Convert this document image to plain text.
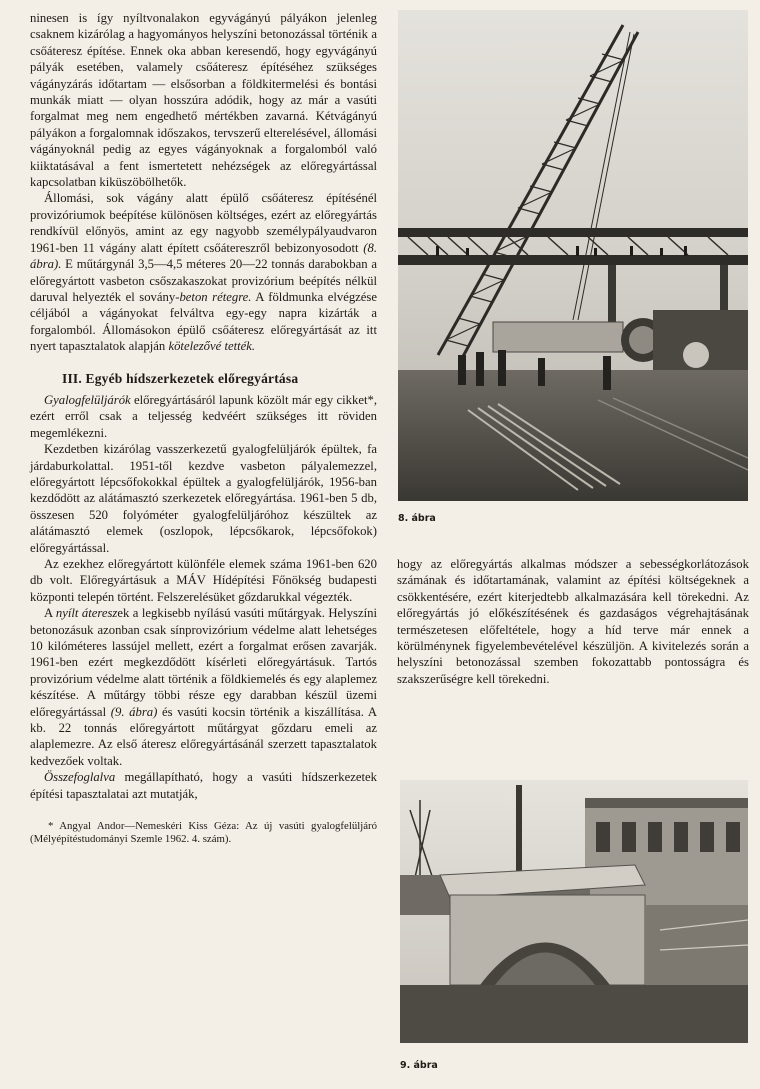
ninesen is így nyíltvonalakon egyvágányú pályákon jelenleg csaknem kizárólag a hagyományos helyszíni betonozással történik a csőáteresz építése. Ennek oka abban keresendő, hogy egyvágányú pályák esetében, valamely csőáteresz építéséhez szükséges vágányzárás időtartam — elsősorban a földkitermelési és bontási munkák miatt — olyan hosszúra adódik, hogy az már a vasúti forgalmat meg nem engedhető mértékben zavarná. Kétvágányú pályákon a forgalomnak időszakos, tervszerű elterelésével, állomási vágányoknál pedig az egyes vágányoknak a forgalomból való kiiktatásával a fent ismertetett nehézségek az előregyártással kapcsolatban kiküszöbölhetők.

Állomási, sok vágány alatt épülő csőáteresz építésénél provizóriumok beépítése különösen költséges, ezért az előregyártás rendkívül előnyös, amint az egy nagyobb személypályaudvaron 1961-ben 11 vágány alatt épített csőátereszről bebizonyosodott (8. ábra). E műtárgynál 3,5—4,5 méteres 20—22 tonnás darabokban a előregyártott vasbeton csőszakaszokat provizórium beépítés nélkül daruval helyezték el sovány-beton rétegre. A földmunka elvégzése céljából a vágányokat felváltva egy-egy napra kizárták a forgalomból. Állomásokon épülő csőáteresz előregyártását az itt nyert tapasztalatok alapján kötelezővé tették.

III. Egyéb hídszerkezetek előregyártása

Gyalogfelüljárók előregyártásáról lapunk közölt már egy cikket*, ezért erről csak a teljesség kedvéért szükséges itt röviden megemlékezni.

Kezdetben kizárólag vasszerkezetű gyalogfelüljárók épültek, fa járdaburkolattal. 1951-től kezdve vasbeton pályalemezzel, előregyártott lépcsőfokokkal épültek a gyalogfelüljárók, 1956-ban kezdődött az alátámasztó szerkezetek előregyártása. 1961-ben 5 db, összesen 520 folyóméter gyalogfelüljáróhoz készültek az alátámasztó elemek (oszlopok, lépcsőkarok, lépcsőfokok) előregyártással.

Az ezekhez előregyártott különféle elemek száma 1961-ben 620 db volt. Előregyártásuk a MÁV Hídépítési Főnökség budapesti központi telepén történt. Felszerelésüket gőzdarukkal végezték.

A nyílt átereszek a legkisebb nyílású vasúti műtárgyak. Helyszíni betonozásuk azonban csak sínprovizórium védelme alatt lehetséges 10 kilóméteres lassújel mellett, ezért a forgalmat erősen zavarják. 1961-ben ezért megkezdődött kísérleti előregyártásuk. Tartós provizórium védelme alatt történik a földkiemelés és egy alaplemez készítése. A műtárgy többi része egy darabban készül üzemi előregyártással (9. ábra) és vasúti kocsin történik a kiszállítása. A kb. 22 tonnás előregyártott műtárgyat gőzdaru emeli az alaplemezre. Az első áteresz előregyártásánál szerzett tapasztalatok kedvezőek voltak.

Összefoglalva megállapítható, hogy a vasúti hídszerkezetek építési tapasztalatai azt mutatják,

* Angyal Andor—Nemeskéri Kiss Géza: Az új vasúti gyalogfelüljáró (Mélyépítéstudományi Szemle 1962. 4. szám).
8. ábra

hogy az előregyártás alkalmas módszer a sebességkorlátozások számának és időtartamának, valamint az építési költségeknek a csökkentésére, ezért kiterjedtebb alkalmazására kell törekedni. Az előregyártás jó előkészítésének és gazdaságos végrehajtásának természetesen előfeltétele, hogy a híd terve már ennek a körülménynek figyelembevételével készüljön. A kivitelezés során a helyszíni betonozással szemben fokozattabb pontosságra és szakszerűségre kell törekedni.

9. ábra
